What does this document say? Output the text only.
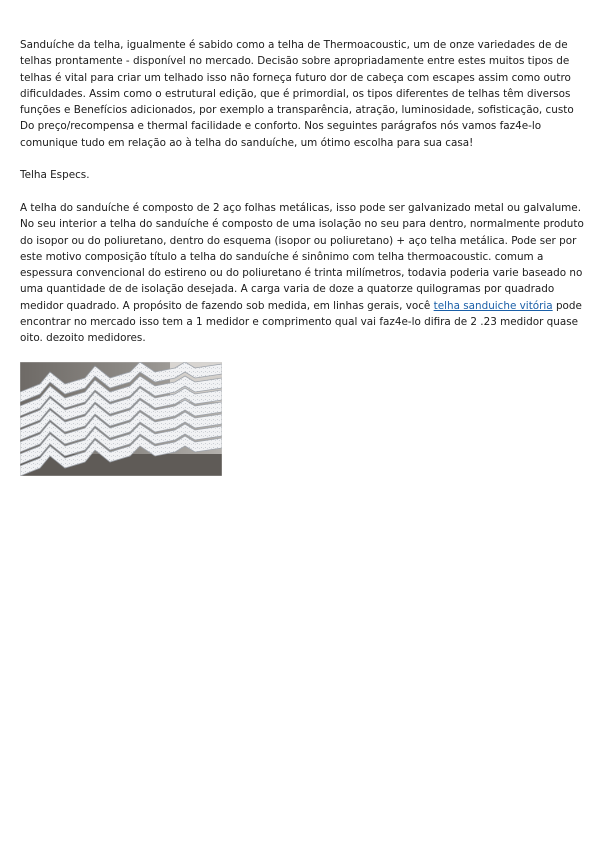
Sanduíche da telha, igualmente é sabido como a telha de Thermoacoustic, um de onze variedades de de telhas prontamente - disponível no mercado. Decisão sobre apropriadamente entre estes muitos tipos de telhas é vital para criar um telhado isso não forneça futuro dor de cabeça com escapes assim como outro dificuldades. Assim como o estrutural edição, que é primordial, os tipos diferentes de telhas têm diversos funções e Benefícios adicionados, por exemplo a transparência, atração, luminosidade, sofisticação, custo Do preço/recompensa e thermal facilidade e conforto. Nos seguintes parágrafos nós vamos faz4e-lo comunique tudo em relação ao à telha do sanduíche, um ótimo escolha para sua casa!

Telha Especs.

A telha do sanduíche é composto de 2 aço folhas metálicas, isso pode ser galvanizado metal ou galvalume. No seu interior a telha do sanduíche é composto de uma isolação no seu para dentro, normalmente produto do isopor ou do poliuretano, dentro do esquema (isopor ou poliuretano) + aço telha metálica. Pode ser por este motivo composição título a telha do sanduíche é sinônimo com telha thermoacoustic. comum a espessura convencional do estireno ou do poliuretano é trinta milímetros, todavia poderia varie baseado no uma quantidade de de isolação desejada. A carga varia de doze a quatorze quilogramas por quadrado medidor quadrado. A propósito de fazendo sob medida, em linhas gerais, você telha sanduiche vitória pode encontrar no mercado isso tem a 1 medidor e comprimento qual vai faz4e-lo difira de 2 .23 medidor quase oito. dezoito medidores.
